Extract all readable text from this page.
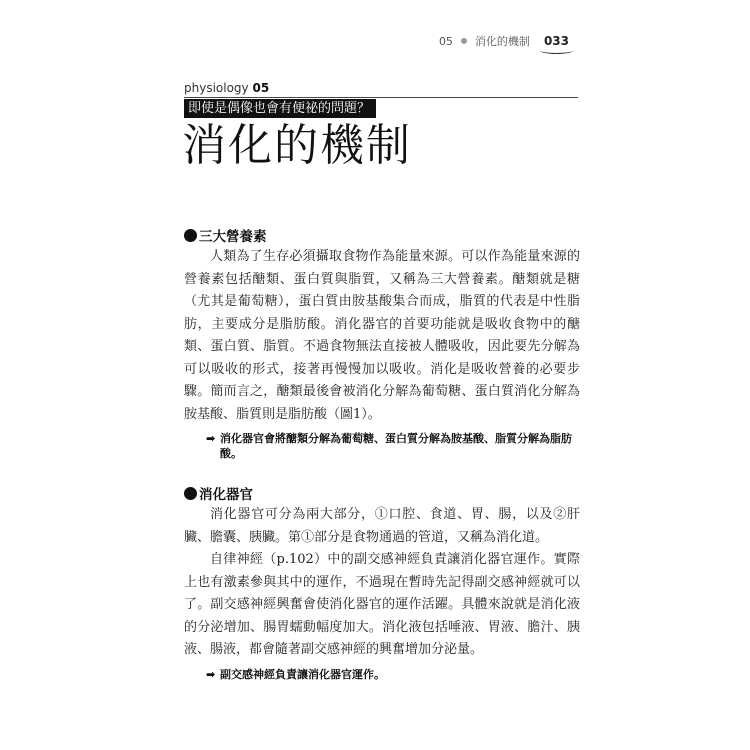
05 消化的機制 033
physiology 05
即使是偶像也會有便祕的問題？
消化的機制
三大營養素

人類為了生存必須攝取食物作為能量來源。可以作為能量來源的營養素包括醣類、蛋白質與脂質，又稱為三大營養素。醣類就是糖（尤其是葡萄糖），蛋白質由胺基酸集合而成，脂質的代表是中性脂肪，主要成分是脂肪酸。消化器官的首要功能就是吸收食物中的醣類、蛋白質、脂質。不過食物無法直接被人體吸收，因此要先分解為可以吸收的形式，接著再慢慢加以吸收。消化是吸收營養的必要步驟。簡而言之，醣類最後會被消化分解為葡萄糖、蛋白質消化分解為胺基酸、脂質則是脂肪酸（圖1）。

➡ 消化器官會將醣類分解為葡萄糖、蛋白質分解為胺基酸、脂質分解為脂肪酸。
消化器官

消化器官可分為兩大部分，①口腔、食道、胃、腸，以及②肝臟、膽囊、胰臟。第①部分是食物通過的管道，又稱為消化道。

自律神經（p.102）中的副交感神經負責讓消化器官運作。實際上也有激素參與其中的運作，不過現在暫時先記得副交感神經就可以了。副交感神經興奮會使消化器官的運作活躍。具體來說就是消化液的分泌增加、腸胃蠕動幅度加大。消化液包括唾液、胃液、膽汁、胰液、腸液，都會隨著副交感神經的興奮增加分泌量。

➡ 副交感神經負責讓消化器官運作。
